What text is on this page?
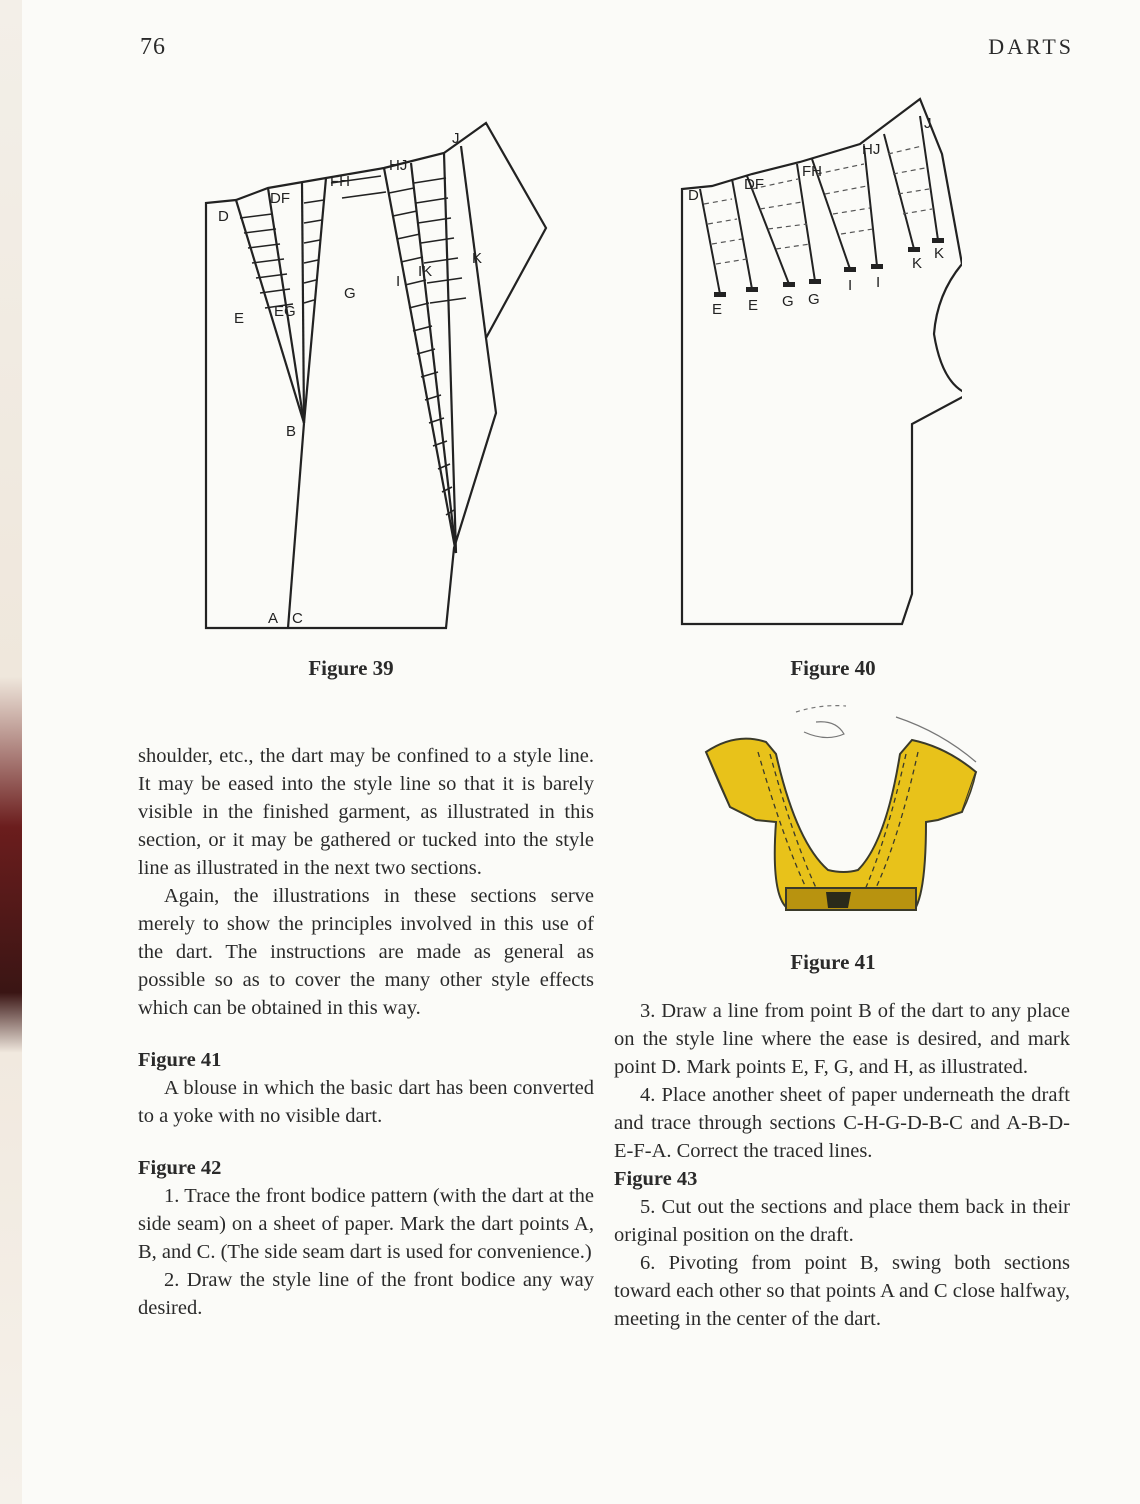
76	DARTS
D
DF
FH
HJ
J
E EG
G
I
IK
K
B
A C
Figure 39
D
DF
FH
HJ
J
E E G G
I I
K
K
Figure 40
Figure 41

shoulder, etc., the dart may be confined to a style line. It may be eased into the style line so that it is barely visible in the finished garment, as illustrated in this section, or it may be gathered or tucked into the style line as illustrated in the next two sections.

Again, the illustrations in these sections serve merely to show the principles involved in this use of the dart. The instructions are made as general as possible so as to cover the many other style effects which can be obtained in this way.

Figure 41

A blouse in which the basic dart has been converted to a yoke with no visible dart.

Figure 42

1. Trace the front bodice pattern (with the dart at the side seam) on a sheet of paper. Mark the dart points A, B, and C. (The side seam dart is used for convenience.)

2. Draw the style line of the front bodice any way desired.

3. Draw a line from point B of the dart to any place on the style line where the ease is desired, and mark point D. Mark points E, F, G, and H, as illustrated.

4. Place another sheet of paper underneath the draft and trace through sections C-H-G-D-B-C and A-B-D-E-F-A. Correct the traced lines.

Figure 43

5. Cut out the sections and place them back in their original position on the draft.

6. Pivoting from point B, swing both sections toward each other so that points A and C close halfway, meeting in the center of the dart.
